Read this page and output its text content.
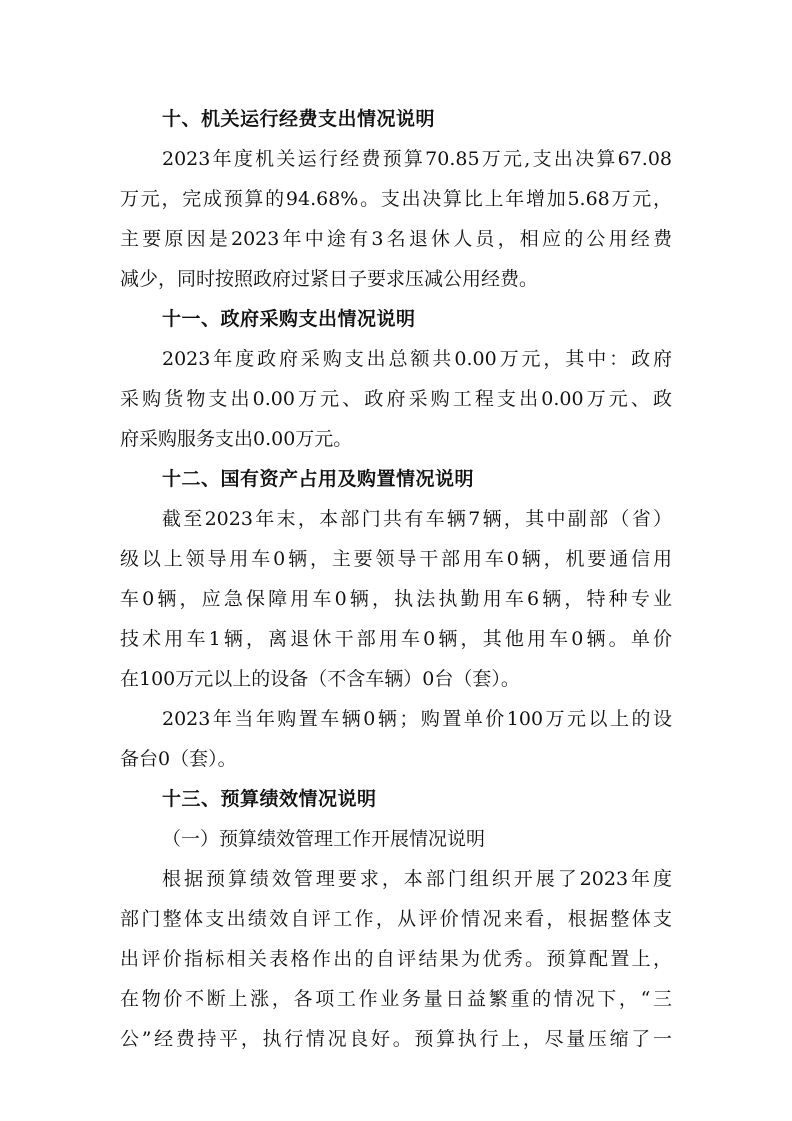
十、机关运行经费支出情况说明

2023年度机关运行经费预算70.85万元,支出决算67.08

万元，完成预算的94.68%。支出决算比上年增加5.68万元，

主要原因是2023年中途有3名退休人员，相应的公用经费

减少，同时按照政府过紧日子要求压减公用经费。

十一、政府采购支出情况说明

2023年度政府采购支出总额共0.00万元，其中：政府

采购货物支出0.00万元、政府采购工程支出0.00万元、政

府采购服务支出0.00万元。

十二、国有资产占用及购置情况说明

截至2023年末，本部门共有车辆7辆，其中副部（省）

级以上领导用车0辆，主要领导干部用车0辆，机要通信用

车0辆，应急保障用车0辆，执法执勤用车6辆，特种专业

技术用车1辆，离退休干部用车0辆，其他用车0辆。单价

在100万元以上的设备（不含车辆）0台（套）。

2023年当年购置车辆0辆；购置单价100万元以上的设

备台0（套）。

十三、预算绩效情况说明

（一）预算绩效管理工作开展情况说明

根据预算绩效管理要求，本部门组织开展了2023年度

部门整体支出绩效自评工作，从评价情况来看，根据整体支

出评价指标相关表格作出的自评结果为优秀。预算配置上，

在物价不断上涨，各项工作业务量日益繁重的情况下，“三

公”经费持平，执行情况良好。预算执行上，尽量压缩了一
